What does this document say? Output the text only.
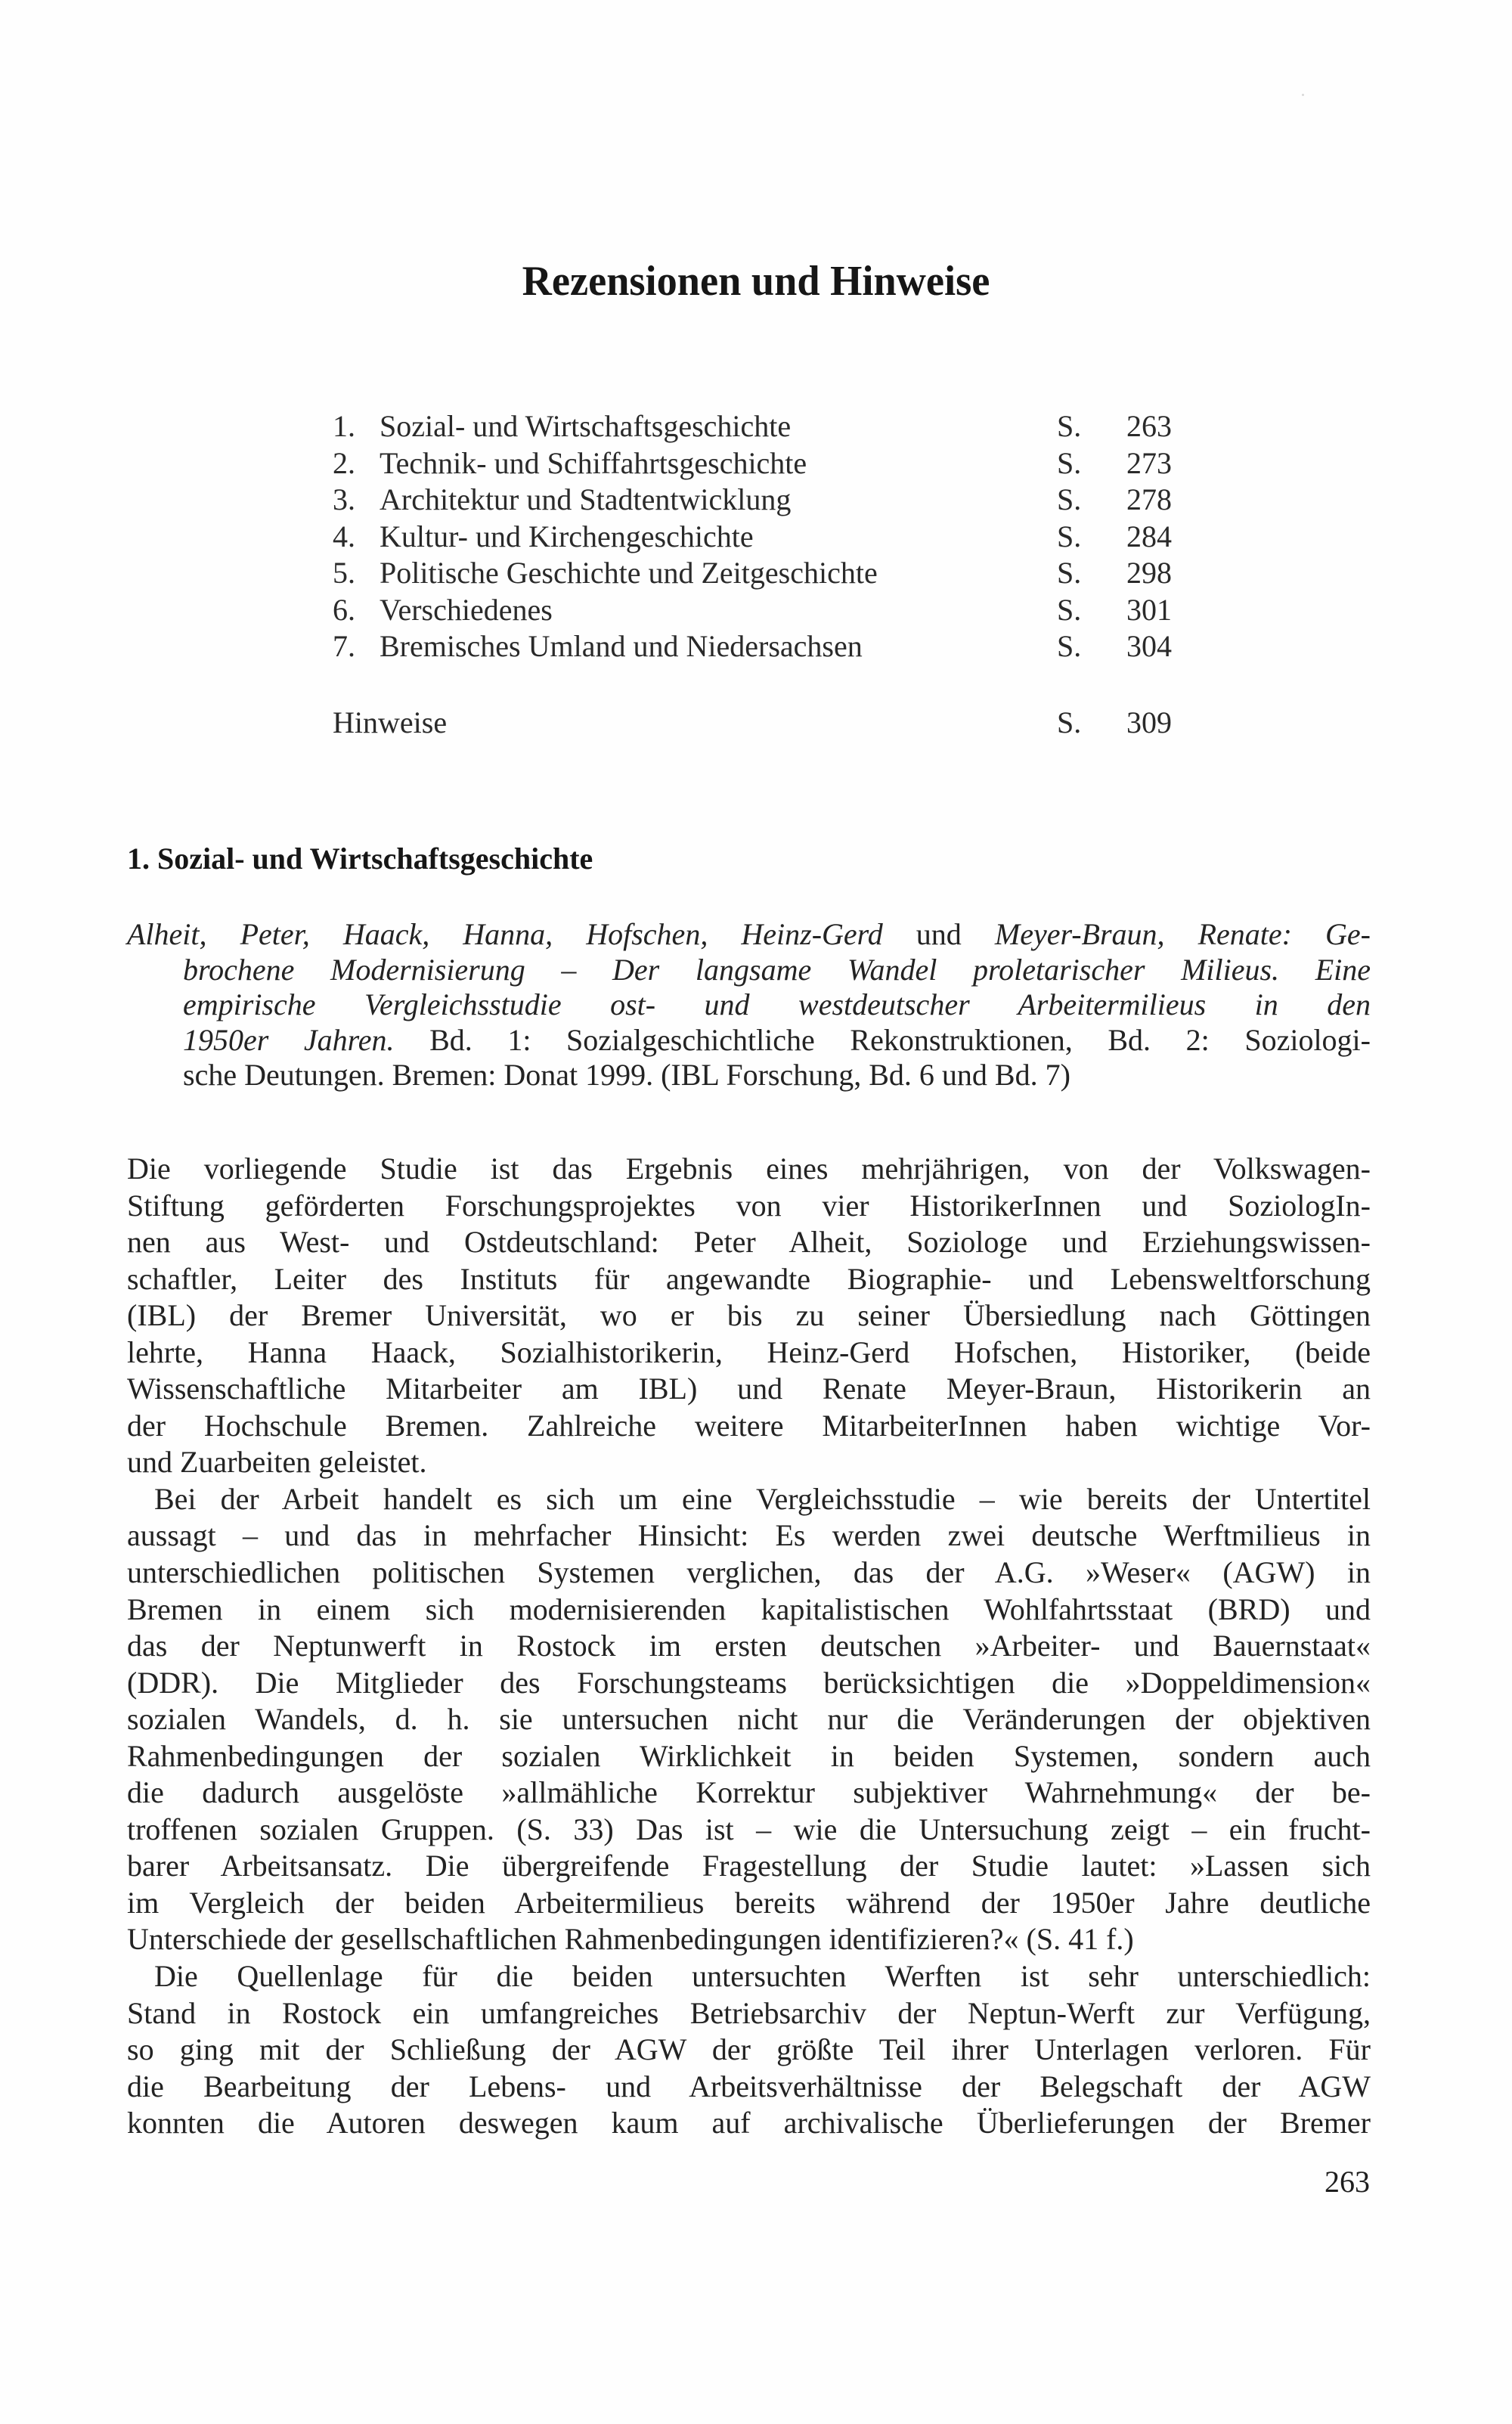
Rezensionen und Hinweise
1. Sozial- und Wirtschaftsgeschichte	S. 263
2. Technik- und Schiffahrtsgeschichte	S. 273
3. Architektur und Stadtentwicklung	S. 278
4. Kultur- und Kirchengeschichte	S. 284
5. Politische Geschichte und Zeitgeschichte	S. 298
6. Verschiedenes	S. 301
7. Bremisches Umland und Niedersachsen	S. 304
Hinweise	S. 309
1. Sozial- und Wirtschaftsgeschichte
Alheit, Peter, Haack, Hanna, Hofschen, Heinz-Gerd und Meyer-Braun, Renate: Ge-
brochene Modernisierung – Der langsame Wandel proletarischer Milieus. Eine
empirische Vergleichsstudie ost- und westdeutscher Arbeitermilieus in den
1950er Jahren. Bd. 1: Sozialgeschichtliche Rekonstruktionen, Bd. 2: Soziologi-
sche Deutungen. Bremen: Donat 1999. (IBL Forschung, Bd. 6 und Bd. 7)
Die vorliegende Studie ist das Ergebnis eines mehrjährigen, von der Volkswagen-
Stiftung geförderten Forschungsprojektes von vier HistorikerInnen und SoziologIn-
nen aus West- und Ostdeutschland: Peter Alheit, Soziologe und Erziehungswissen-
schaftler, Leiter des Instituts für angewandte Biographie- und Lebensweltforschung
(IBL) der Bremer Universität, wo er bis zu seiner Übersiedlung nach Göttingen
lehrte, Hanna Haack, Sozialhistorikerin, Heinz-Gerd Hofschen, Historiker, (beide
Wissenschaftliche Mitarbeiter am IBL) und Renate Meyer-Braun, Historikerin an
der Hochschule Bremen. Zahlreiche weitere MitarbeiterInnen haben wichtige Vor-
und Zuarbeiten geleistet.
Bei der Arbeit handelt es sich um eine Vergleichsstudie – wie bereits der Untertitel
aussagt – und das in mehrfacher Hinsicht: Es werden zwei deutsche Werftmilieus in
unterschiedlichen politischen Systemen verglichen, das der A.G. »Weser« (AGW) in
Bremen in einem sich modernisierenden kapitalistischen Wohlfahrtsstaat (BRD) und
das der Neptunwerft in Rostock im ersten deutschen »Arbeiter- und Bauernstaat«
(DDR). Die Mitglieder des Forschungsteams berücksichtigen die »Doppeldimension«
sozialen Wandels, d. h. sie untersuchen nicht nur die Veränderungen der objektiven
Rahmenbedingungen der sozialen Wirklichkeit in beiden Systemen, sondern auch
die dadurch ausgelöste »allmähliche Korrektur subjektiver Wahrnehmung« der be-
troffenen sozialen Gruppen. (S. 33) Das ist – wie die Untersuchung zeigt – ein frucht-
barer Arbeitsansatz. Die übergreifende Fragestellung der Studie lautet: »Lassen sich
im Vergleich der beiden Arbeitermilieus bereits während der 1950er Jahre deutliche
Unterschiede der gesellschaftlichen Rahmenbedingungen identifizieren?« (S. 41 f.)
Die Quellenlage für die beiden untersuchten Werften ist sehr unterschiedlich:
Stand in Rostock ein umfangreiches Betriebsarchiv der Neptun-Werft zur Verfügung,
so ging mit der Schließung der AGW der größte Teil ihrer Unterlagen verloren. Für
die Bearbeitung der Lebens- und Arbeitsverhältnisse der Belegschaft der AGW
konnten die Autoren deswegen kaum auf archivalische Überlieferungen der Bremer
263
